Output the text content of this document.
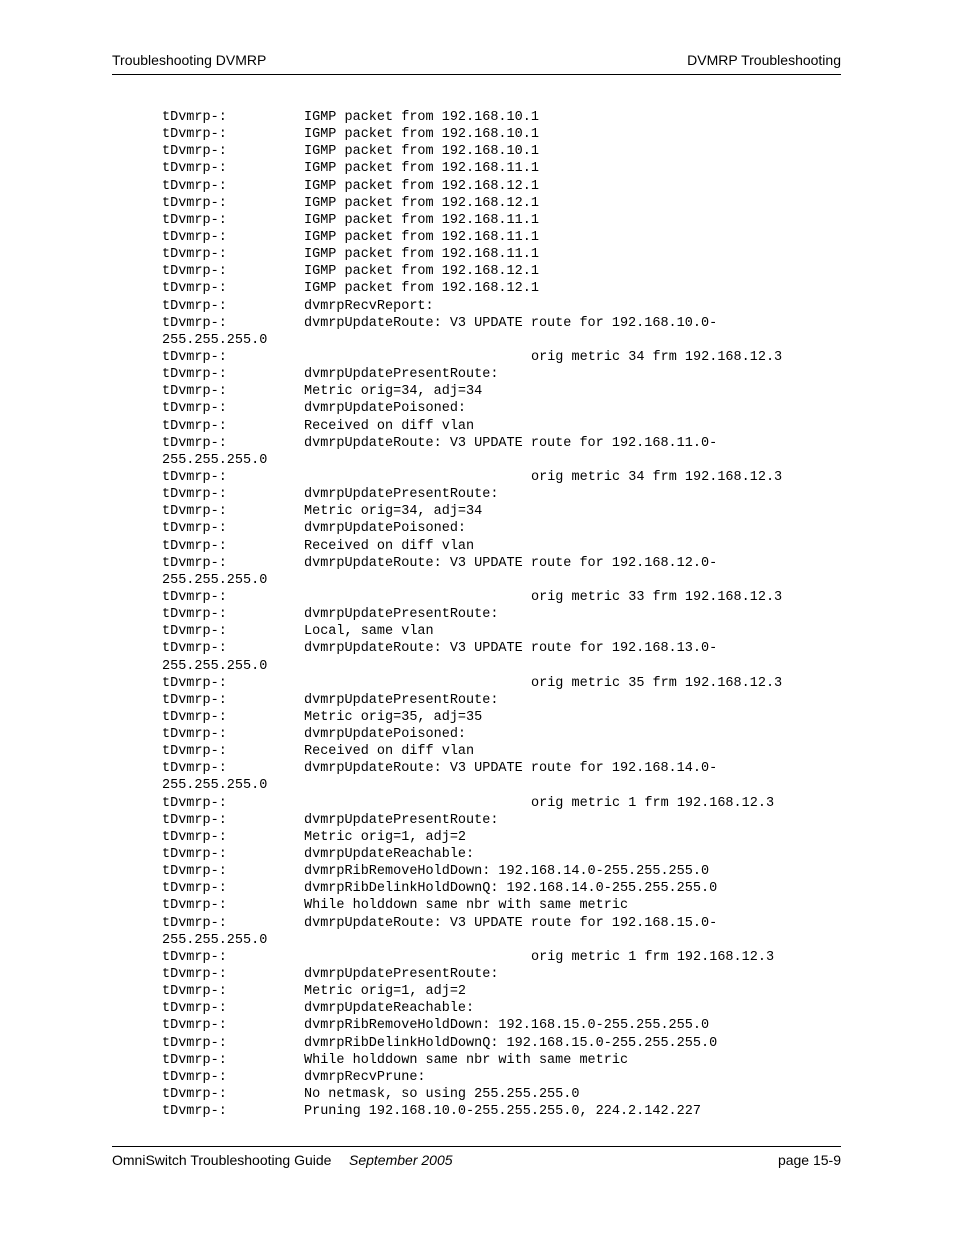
Troubleshooting DVMRP	DVMRP Troubleshooting
tDvmrp-:	IGMP packet from 192.168.10.1
tDvmrp-:	IGMP packet from 192.168.10.1
tDvmrp-:	IGMP packet from 192.168.10.1
tDvmrp-:	IGMP packet from 192.168.11.1
tDvmrp-:	IGMP packet from 192.168.12.1
tDvmrp-:	IGMP packet from 192.168.12.1
tDvmrp-:	IGMP packet from 192.168.11.1
tDvmrp-:	IGMP packet from 192.168.11.1
tDvmrp-:	IGMP packet from 192.168.11.1
tDvmrp-:	IGMP packet from 192.168.12.1
tDvmrp-:	IGMP packet from 192.168.12.1
tDvmrp-:	dvmrpRecvReport:
tDvmrp-:	dvmrpUpdateRoute: V3 UPDATE route for 192.168.10.0-
255.255.255.0
tDvmrp-:	orig metric 34 frm 192.168.12.3
tDvmrp-:	dvmrpUpdatePresentRoute:
tDvmrp-:	Metric orig=34, adj=34
tDvmrp-:	dvmrpUpdatePoisoned:
tDvmrp-:	Received on diff vlan
tDvmrp-:	dvmrpUpdateRoute: V3 UPDATE route for 192.168.11.0-
255.255.255.0
tDvmrp-:	orig metric 34 frm 192.168.12.3
tDvmrp-:	dvmrpUpdatePresentRoute:
tDvmrp-:	Metric orig=34, adj=34
tDvmrp-:	dvmrpUpdatePoisoned:
tDvmrp-:	Received on diff vlan
tDvmrp-:	dvmrpUpdateRoute: V3 UPDATE route for 192.168.12.0-
255.255.255.0
tDvmrp-:	orig metric 33 frm 192.168.12.3
tDvmrp-:	dvmrpUpdatePresentRoute:
tDvmrp-:	Local, same vlan
tDvmrp-:	dvmrpUpdateRoute: V3 UPDATE route for 192.168.13.0-
255.255.255.0
tDvmrp-:	orig metric 35 frm 192.168.12.3
tDvmrp-:	dvmrpUpdatePresentRoute:
tDvmrp-:	Metric orig=35, adj=35
tDvmrp-:	dvmrpUpdatePoisoned:
tDvmrp-:	Received on diff vlan
tDvmrp-:	dvmrpUpdateRoute: V3 UPDATE route for 192.168.14.0-
255.255.255.0
tDvmrp-:	orig metric 1 frm 192.168.12.3
tDvmrp-:	dvmrpUpdatePresentRoute:
tDvmrp-:	Metric orig=1, adj=2
tDvmrp-:	dvmrpUpdateReachable:
tDvmrp-:	dvmrpRibRemoveHoldDown: 192.168.14.0-255.255.255.0
tDvmrp-:	dvmrpRibDelinkHoldDownQ: 192.168.14.0-255.255.255.0
tDvmrp-:	While holddown same nbr with same metric
tDvmrp-:	dvmrpUpdateRoute: V3 UPDATE route for 192.168.15.0-
255.255.255.0
tDvmrp-:	orig metric 1 frm 192.168.12.3
tDvmrp-:	dvmrpUpdatePresentRoute:
tDvmrp-:	Metric orig=1, adj=2
tDvmrp-:	dvmrpUpdateReachable:
tDvmrp-:	dvmrpRibRemoveHoldDown: 192.168.15.0-255.255.255.0
tDvmrp-:	dvmrpRibDelinkHoldDownQ: 192.168.15.0-255.255.255.0
tDvmrp-:	While holddown same nbr with same metric
tDvmrp-:	dvmrpRecvPrune:
tDvmrp-:	No netmask, so using 255.255.255.0
tDvmrp-:	Pruning 192.168.10.0-255.255.255.0, 224.2.142.227
OmniSwitch Troubleshooting Guide September 2005	page 15-9
